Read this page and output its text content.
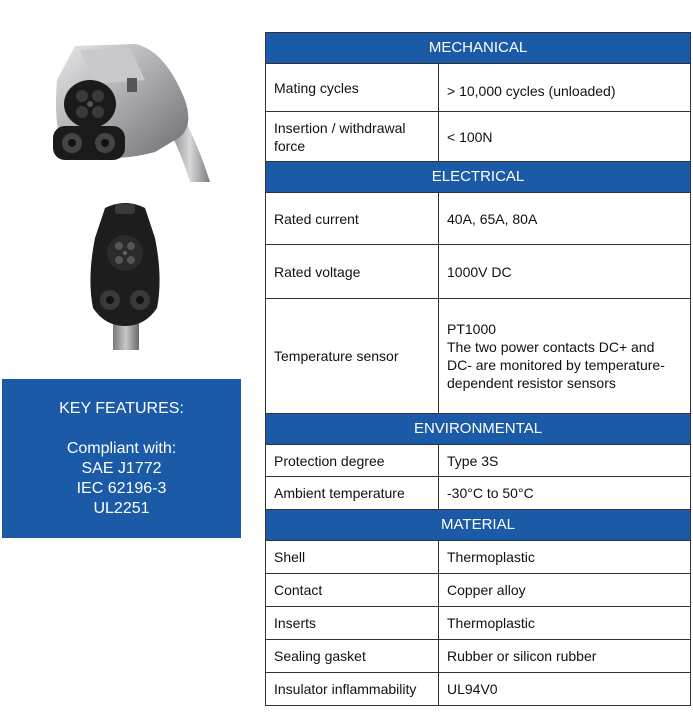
KEY FEATURES:
Compliant with:
SAE J1772
IEC 62196-3
UL2251
MECHANICAL	
Mating cycles	> 10,000 cycles (unloaded)
Insertion / withdrawal force	< 100N
ELECTRICAL	
Rated current	40A, 65A, 80A
Rated voltage	1000V DC
Temperature sensor	PT1000
The two power contacts DC+ and DC- are monitored by temperature-dependent resistor sensors

ENVIRONMENTAL	
Protection degree	Type 3S
Ambient temperature	-30°C to 50°C
MATERIAL	
Shell	Thermoplastic
Contact	Copper alloy
Inserts	Thermoplastic
Sealing gasket	Rubber or silicon rubber
Insulator inflammability	UL94V0
